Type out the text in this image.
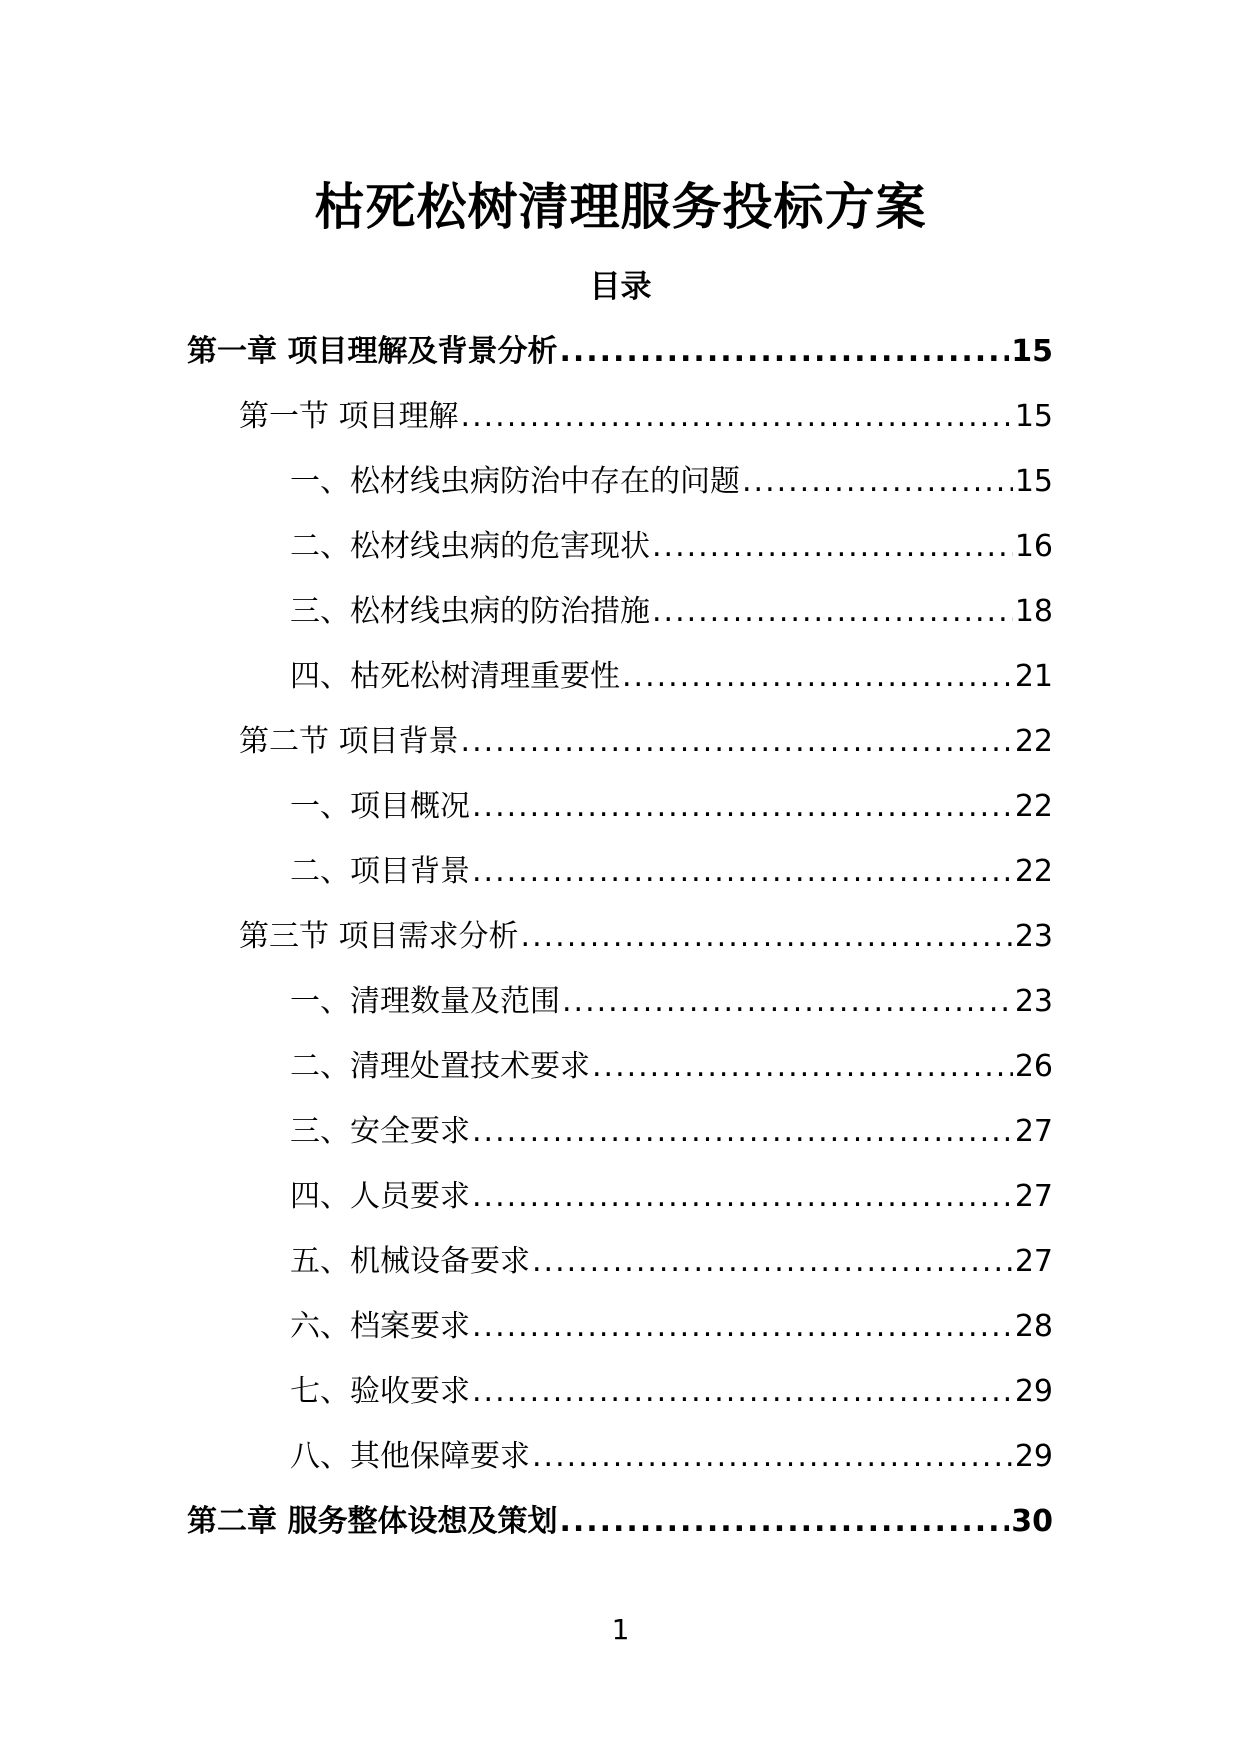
枯死松树清理服务投标方案
目录
第一章 项目理解及背景分析 .....	15
第一节 项目理解 .....	15
一、松材线虫病防治中存在的问题 .....	15
二、松材线虫病的危害现状 .....	16
三、松材线虫病的防治措施 .....	18
四、枯死松树清理重要性 .....	21
第二节 项目背景 .....	22
一、项目概况 .....	22
二、项目背景 .....	22
第三节 项目需求分析 .....	23
一、清理数量及范围 .....	23
二、清理处置技术要求 .....	26
三、安全要求 .....	27
四、人员要求 .....	27
五、机械设备要求 .....	27
六、档案要求 .....	28
七、验收要求 .....	29
八、其他保障要求 .....	29
第二章 服务整体设想及策划 .....	30
1
